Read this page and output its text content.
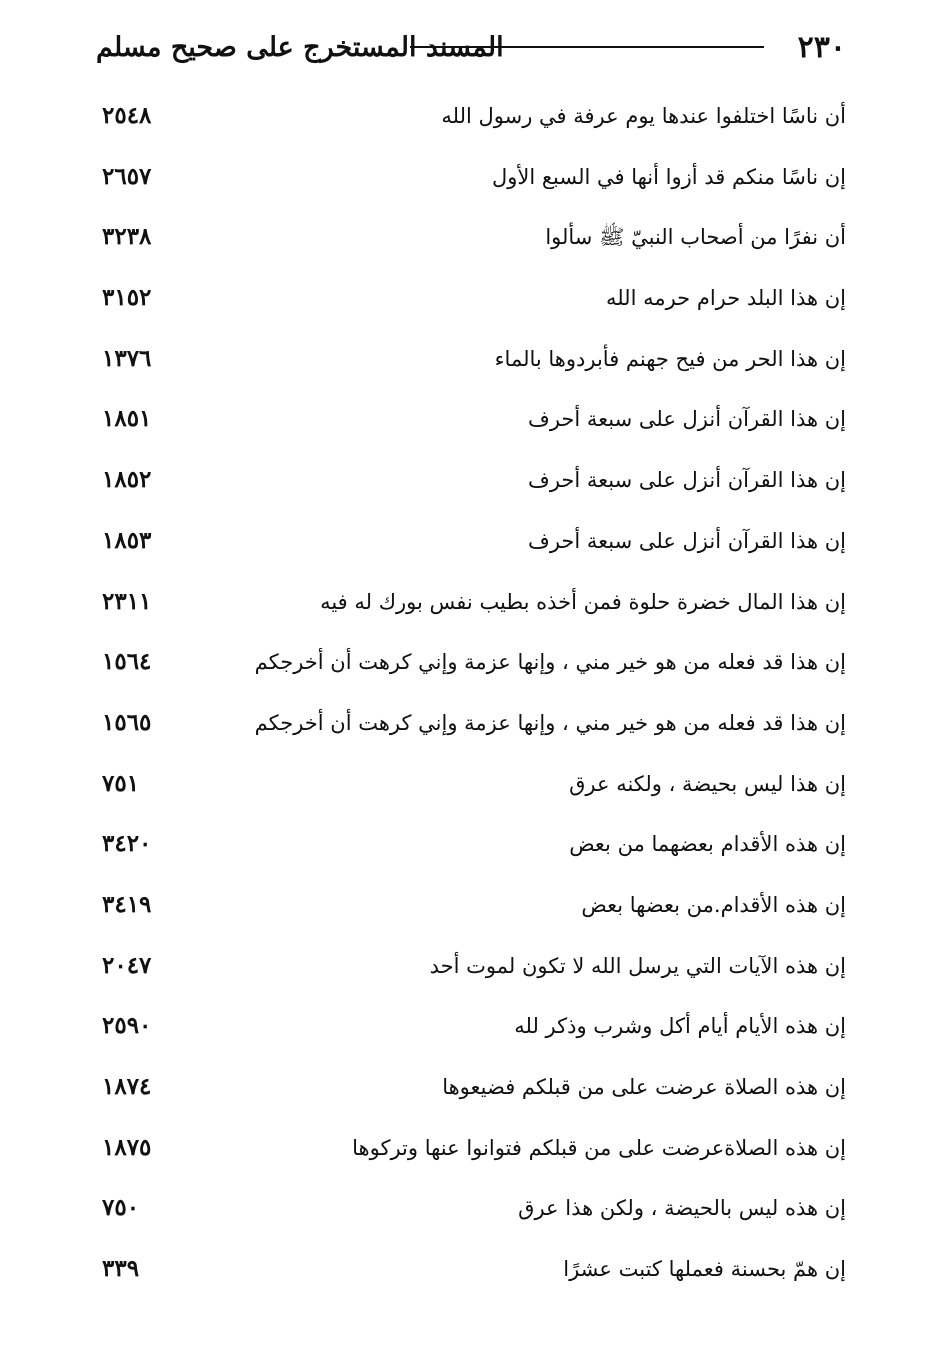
٢٣٠
المسند المستخرج على صحيح مسلم
أن ناسًا اختلفوا عندها يوم عرفة في رسول الله
٢٥٤٨
إن ناسًا منكم قد أزوا أنها في السبع الأول
٢٦٥٧
أن نفرًا من أصحاب النبيّ ﷺ سألوا
٣٢٣٨
إن هذا البلد حرام حرمه الله
٣١٥٢
إن هذا الحر من فيح جهنم فأبردوها بالماء
١٣٧٦
إن هذا القرآن أنزل على سبعة أحرف
١٨٥١
إن هذا القرآن أنزل على سبعة أحرف
١٨٥٢
إن هذا القرآن أنزل على سبعة أحرف
١٨٥٣
إن هذا المال خضرة حلوة فمن أخذه بطيب نفس بورك له فيه
٢٣١١
إن هذا قد فعله من هو خير مني ، وإنها عزمة وإني كرهت أن أخرجكم
١٥٦٤
إن هذا قد فعله من هو خير مني ، وإنها عزمة وإني كرهت أن أخرجكم
١٥٦٥
إن هذا ليس بحيضة ، ولكنه عرق
٧٥١
إن هذه الأقدام بعضهما من بعض
٣٤٢٠
إن هذه الأقدام.من بعضها بعض
٣٤١٩
إن هذه الآيات التي يرسل الله لا تكون لموت أحد
٢٠٤٧
إن هذه الأيام أيام أكل وشرب وذكر لله
٢٥٩٠
إن هذه الصلاة عرضت على من قبلكم فضيعوها
١٨٧٤
إن هذه الصلاةعرضت على من قبلكم فتوانوا عنها وتركوها
١٨٧٥
إن هذه ليس بالحيضة ، ولكن هذا عرق
٧٥٠
إن همّ بحسنة فعملها كتبت عشرًا
٣٣٩
